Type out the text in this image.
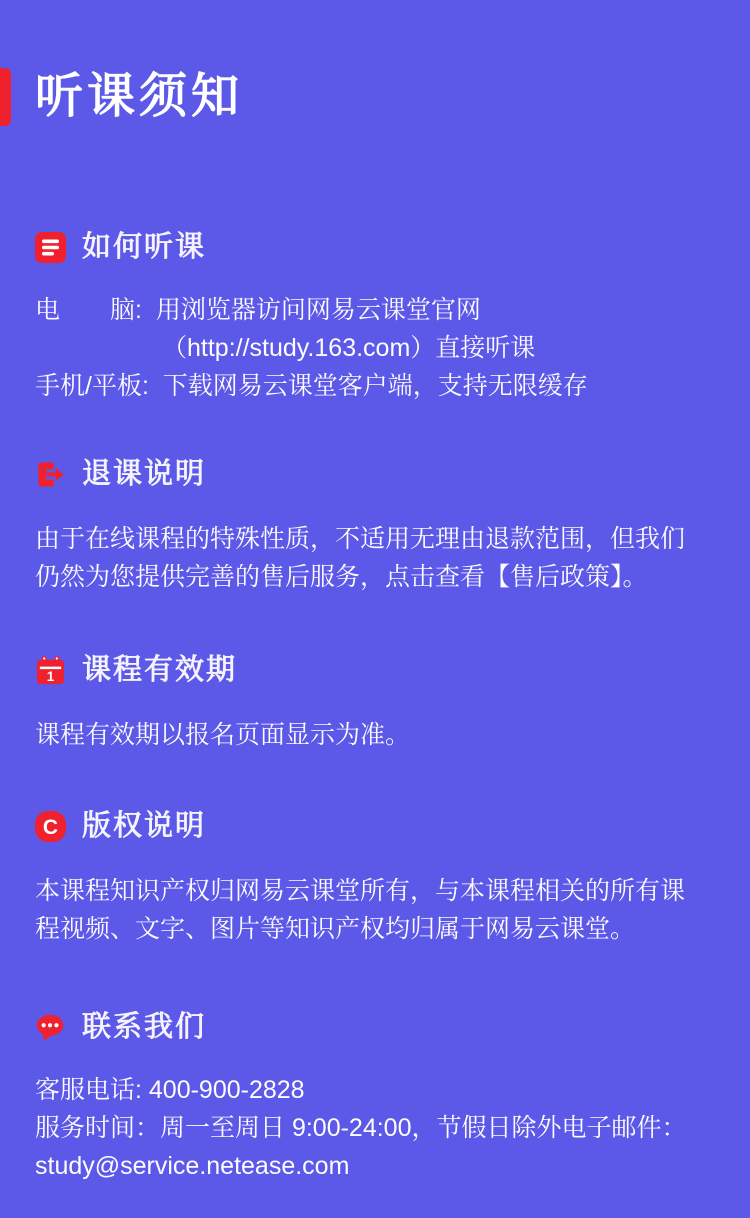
听课须知
如何听课
电　　脑:  用浏览器访问网易云课堂官网
（http://study.163.com）直接听课
手机/平板:  下载网易云课堂客户端，支持无限缓存
退课说明
由于在线课程的特殊性质，不适用无理由退款范围，但我们仍然为您提供完善的售后服务，点击查看【售后政策】。
1 课程有效期
课程有效期以报名页面显示为准。
C 版权说明
本课程知识产权归网易云课堂所有，与本课程相关的所有课程视频、文字、图片等知识产权均归属于网易云课堂。
联系我们
客服电话: 400-900-2828
服务时间：周一至周日 9:00-24:00，节假日除外电子邮件：
study@service.netease.com
